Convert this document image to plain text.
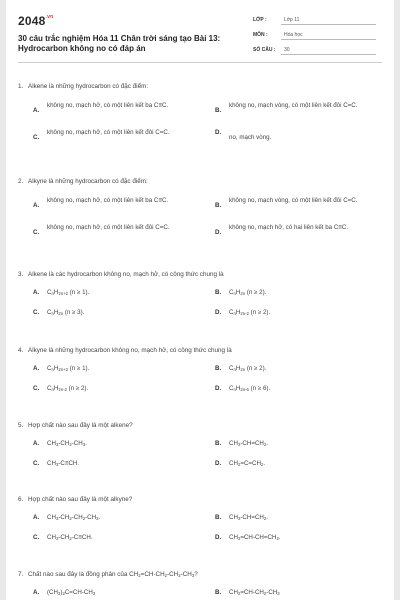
$2048^{.vn}$
30 câu trắc nghiệm Hóa 11 Chân trời sáng tạo Bài 13: Hydrocarbon không no có đáp án
LỚP :	Lớp 11
MÔN :	Hóa học
SỐ CÂU : 30
1. Alkene là những hydrocarbon có đặc điểm:
A.
không no, mạch hở, có một liên kết ba C≡C.
B.
không no, mạch vòng, có một liên kết đôi C=C.
C.
không no, mạch hở, có một liên kết đôi C=C.	D.
no, mạch vòng.
2. Alkyne là những hydrocarbon có đặc điểm:
A.
không no, mạch hở, có một liên kết ba C≡C.
B.
không no, mạch vòng, có một liên kết đôi C=C.
C.
không no, mạch hở, có một liên kết đôi C=C.
D.
không no, mạch hở, có hai liên kết ba C≡C.
3. Alkene là các hydrocarbon không no, mạch hở, có công thức chung là
A. $C_nH_{2n+2}$ (n ≥ 1).	B. $C_nH_{2n}$ (n ≥ 2).
C. $C_nH_{2n}$ (n ≥ 3).	D. $C_nH_{2n-2}$ (n ≥ 2).
4. Alkyne là những hydrocarbon không no, mạch hở, có công thức chung là
A. $C_nH_{2n+2}$ (n ≥ 1).	B. $C_nH_{2n}$ (n ≥ 2).
C. $C_nH_{2n-2}$ (n ≥ 2).	D. $C_nH_{2n-6}$ (n ≥ 6).
5. Hợp chất nào sau đây là một alkene?
A. $CH_3-CH_2-CH_3$.	B. $CH_3-CH=CH_2$.
C. $CH_3-C\equiv CH$.	D. $CH_2=C=CH_2$.
6. Hợp chất nào sau đây là một alkyne?
A. $CH_3-CH_2-CH_2-CH_3$.	B. $CH_3-CH=CH_2$.
C. $CH_3-CH_2-C\equiv CH$.	D. $CH_2=CH-CH=CH_2$.
7. Chất nào sau đây là đồng phân của $CH_2=CH-CH_2-CH_2-CH_3$?
A. $(CH_3)_2C=CH-CH_3$	B. $CH_2=CH-CH_2-CH_3$
